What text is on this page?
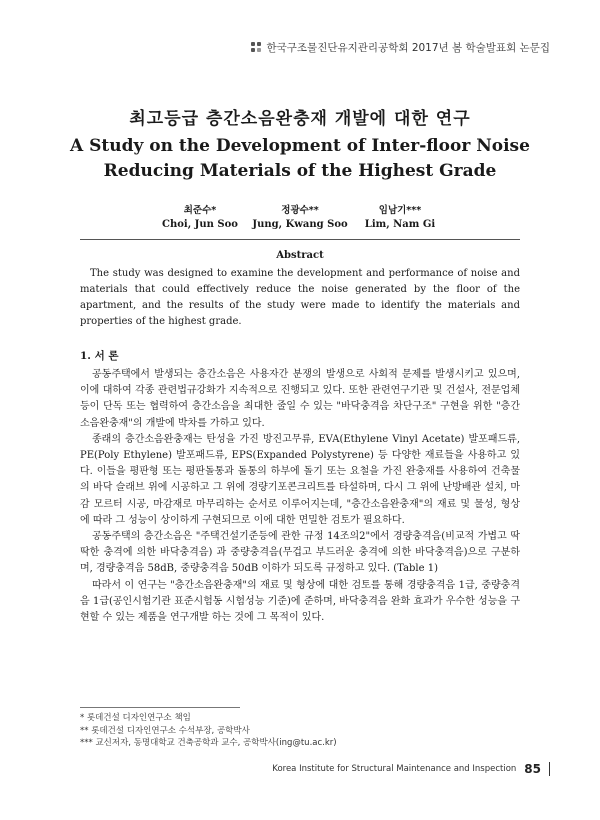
한국구조물진단유지관리공학회 2017년 봄 학술발표회 논문집
최고등급 층간소음완충재 개발에 대한 연구
A Study on the Development of Inter-floor Noise Reducing Materials of the Highest Grade
최준수*
Choi, Jun Soo
정광수**
Jung, Kwang Soo
임남기***
Lim, Nam Gi
Abstract
The study was designed to examine the development and performance of noise and materials that could effectively reduce the noise generated by the floor of the apartment, and the results of the study were made to identify the materials and properties of the highest grade.
1. 서 론

공동주택에서 발생되는 층간소음은 사용자간 분쟁의 발생으로 사회적 문제를 발생시키고 있으며, 이에 대하여 각종 관련법규강화가 지속적으로 진행되고 있다. 또한 관련연구기관 및 건설사, 전문업체 등이 단독 또는 협력하여 층간소음을 최대한 줄일 수 있는 "바닥충격음 차단구조" 구현을 위한 "층간소음완충재"의 개발에 박차를 가하고 있다.

종래의 층간소음완충재는 탄성을 가진 방진고무류, EVA(Ethylene Vinyl Acetate) 발포패드류, PE(Poly Ethylene) 발포패드류, EPS(Expanded Polystyrene) 등 다양한 재료들을 사용하고 있다. 이들을 평판형 또는 평판돌통과 돌통의 하부에 돌기 또는 요철을 가진 완충재를 사용하여 건축물의 바닥 슬래브 위에 시공하고 그 위에 경량기포콘크리트를 타설하며, 다시 그 위에 난방배관 설치, 마감 모르터 시공, 마감재로 마무리하는 순서로 이루어지는데, "층간소음완충재"의 재료 및 물성, 형상에 따라 그 성능이 상이하게 구현되므로 이에 대한 면밀한 검토가 필요하다.

공동주택의 층간소음은 "주택건설기준등에 관한 규정 14조의2"에서 경량충격음(비교적 가볍고 딱딱한 충격에 의한 바닥충격음) 과 중량충격음(무겁고 부드러운 충격에 의한 바닥충격음)으로 구분하며, 경량충격음 58dB, 중량충격음 50dB 이하가 되도록 규정하고 있다. (Table 1)

따라서 이 연구는 "층간소음완충재"의 재료 및 형상에 대한 검토를 통해 경량충격음 1급, 중량충격음 1급(공인시험기관 표준시험동 시험성능 기준)에 준하며, 바닥충격음 완화 효과가 우수한 성능을 구현할 수 있는 제품을 연구개발 하는 것에 그 목적이 있다.

* 롯데건설 디자인연구소 책임
** 롯데건설 디자인연구소 수석부장, 공학박사
*** 교신저자, 동명대학교 건축공학과 교수, 공학박사(ing@tu.ac.kr)
Korea Institute for Structural Maintenance and Inspection 85
